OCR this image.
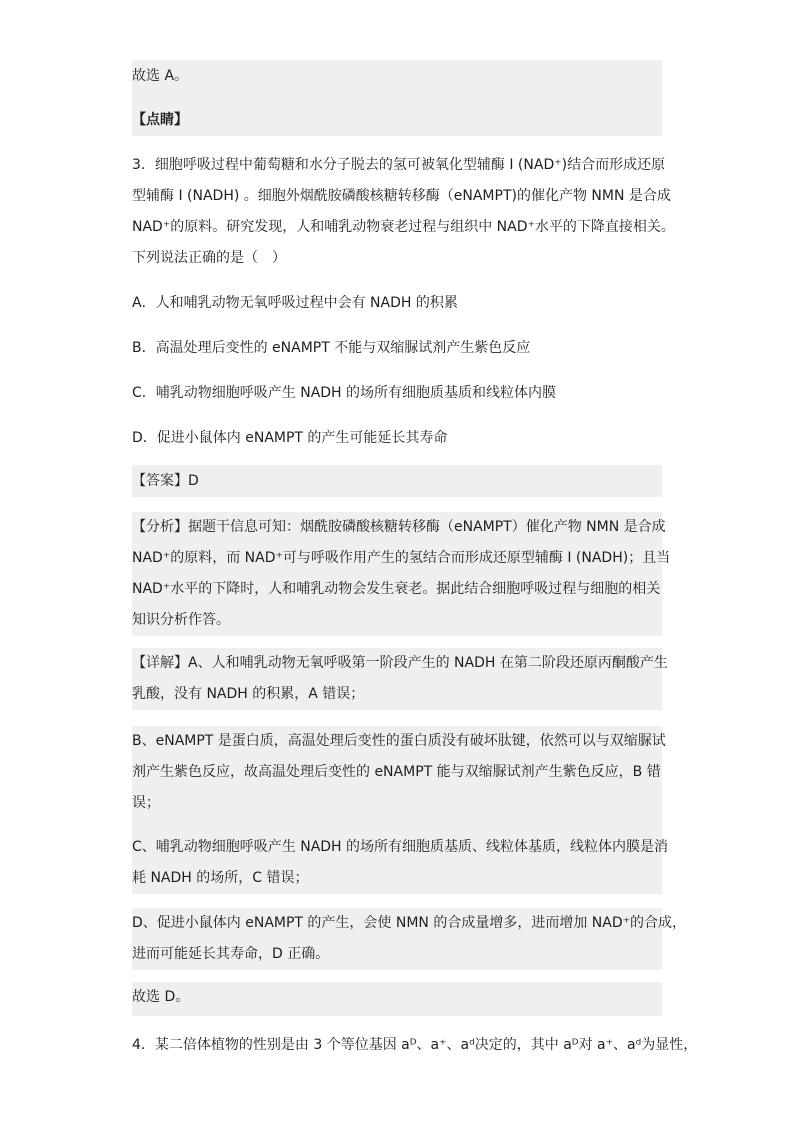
故选 A。
【点睛】
3．细胞呼吸过程中葡萄糖和水分子脱去的氢可被氧化型辅酶 I (NAD⁺)结合而形成还原
型辅酶 I (NADH) 。细胞外烟酰胺磷酸核糖转移酶（eNAMPT)的催化产物 NMN 是合成
NAD⁺的原料。研究发现，人和哺乳动物衰老过程与组织中 NAD⁺水平的下降直接相关。
下列说法正确的是（　）
A．人和哺乳动物无氧呼吸过程中会有 NADH 的积累
B．高温处理后变性的 eNAMPT 不能与双缩脲试剂产生紫色反应
C．哺乳动物细胞呼吸产生 NADH 的场所有细胞质基质和线粒体内膜
D．促进小鼠体内 eNAMPT 的产生可能延长其寿命
【答案】D
【分析】据题干信息可知：烟酰胺磷酸核糖转移酶（eNAMPT）催化产物 NMN 是合成
NAD⁺的原料，而 NAD⁺可与呼吸作用产生的氢结合而形成还原型辅酶 I (NADH)；且当
NAD⁺水平的下降时，人和哺乳动物会发生衰老。据此结合细胞呼吸过程与细胞的相关
知识分析作答。
【详解】A、人和哺乳动物无氧呼吸第一阶段产生的 NADH 在第二阶段还原丙酮酸产生
乳酸，没有 NADH 的积累，A 错误；
B、eNAMPT 是蛋白质，高温处理后变性的蛋白质没有破坏肽键，依然可以与双缩脲试
剂产生紫色反应，故高温处理后变性的 eNAMPT 能与双缩脲试剂产生紫色反应，B 错
误；
C、哺乳动物细胞呼吸产生 NADH 的场所有细胞质基质、线粒体基质，线粒体内膜是消
耗 NADH 的场所，C 错误；
D、促进小鼠体内 eNAMPT 的产生，会使 NMN 的合成量增多，进而增加 NAD⁺的合成，
进而可能延长其寿命，D 正确。
故选 D。
4．某二倍体植物的性别是由 3 个等位基因 aᴰ、a⁺、aᵈ决定的，其中 aᴰ对 a⁺、aᵈ为显性，
